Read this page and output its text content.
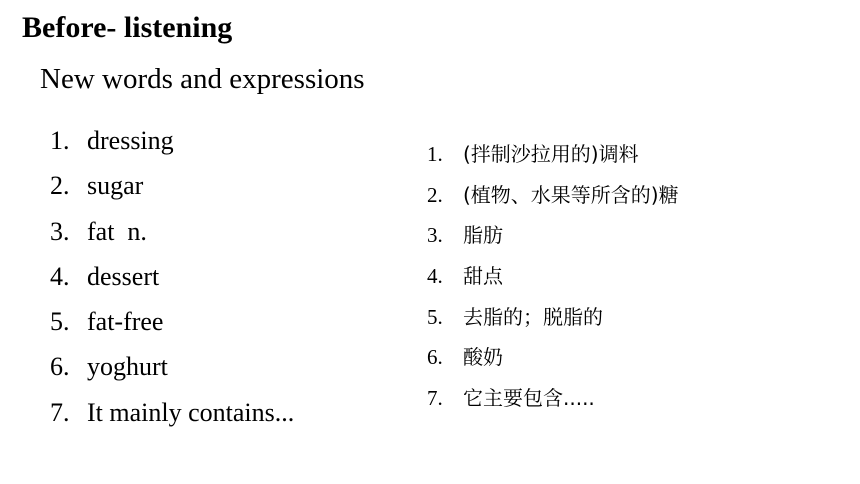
Before- listening
New words and expressions
1. dressing
2. sugar
3. fat  n.
4. dessert
5. fat-free
6. yoghurt
7. It mainly contains...
1. (拌制沙拉用的)调料
2. (植物、水果等所含的)糖
3. 脂肪
4. 甜点
5. 去脂的；脱脂的
6. 酸奶
7. 它主要包含.....
